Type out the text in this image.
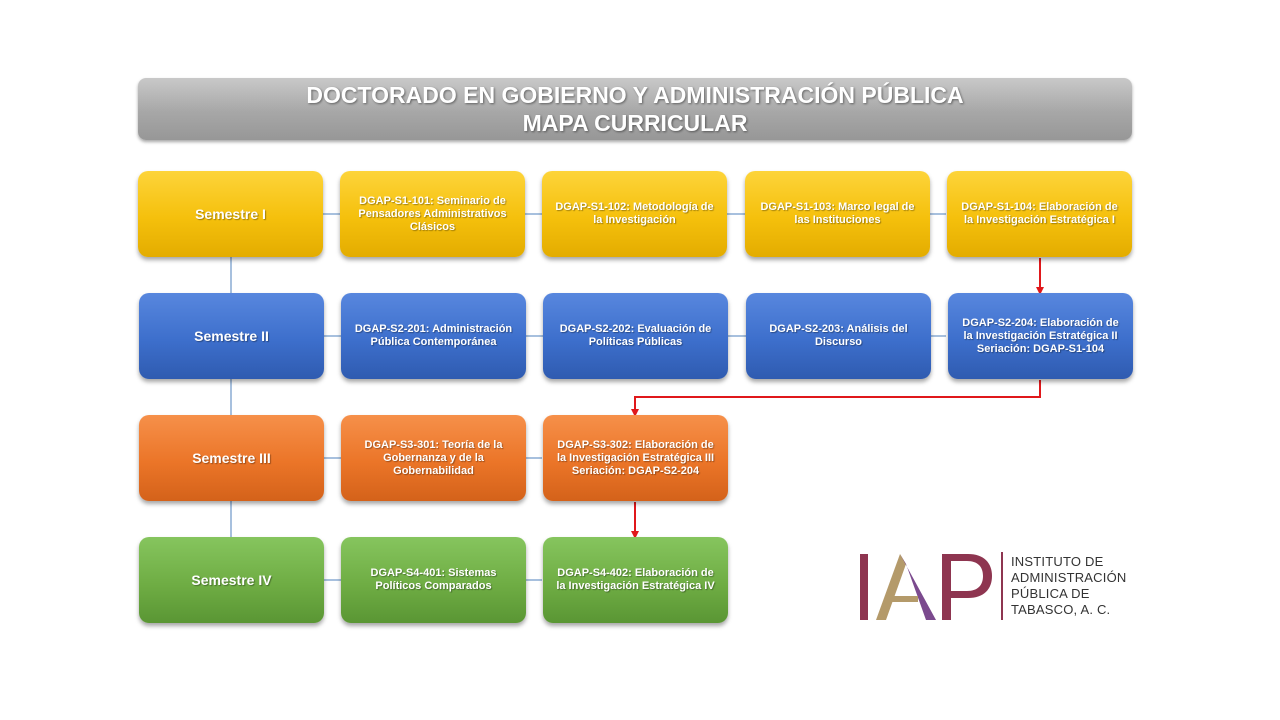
DOCTORADO EN GOBIERNO Y ADMINISTRACIÓN PÚBLICA
MAPA CURRICULAR
Semestre I
DGAP-S1-101: Seminario de Pensadores Administrativos Clásicos
DGAP-S1-102: Metodología de la Investigación
DGAP-S1-103: Marco legal de las Instituciones
DGAP-S1-104: Elaboración de la Investigación Estratégica I
Semestre II	DGAP-S2-201: Administración Pública Contemporánea
DGAP-S2-202: Evaluación de Políticas Públicas
DGAP-S2-203: Análisis del Discurso
DGAP-S2-204: Elaboración de la Investigación Estratégica II
Seriación: DGAP-S1-104
Semestre III
DGAP-S3-301: Teoría de la Gobernanza y de la Gobernabilidad
DGAP-S3-302: Elaboración de la Investigación Estratégica III
Seriación: DGAP-S2-204
Semestre IV	DGAP-S4-401: Sistemas Políticos Comparados
DGAP-S4-402: Elaboración de la Investigación Estratégica IV
INSTITUTO DE
ADMINISTRACIÓN
PÚBLICA DE
TABASCO, A. C.
